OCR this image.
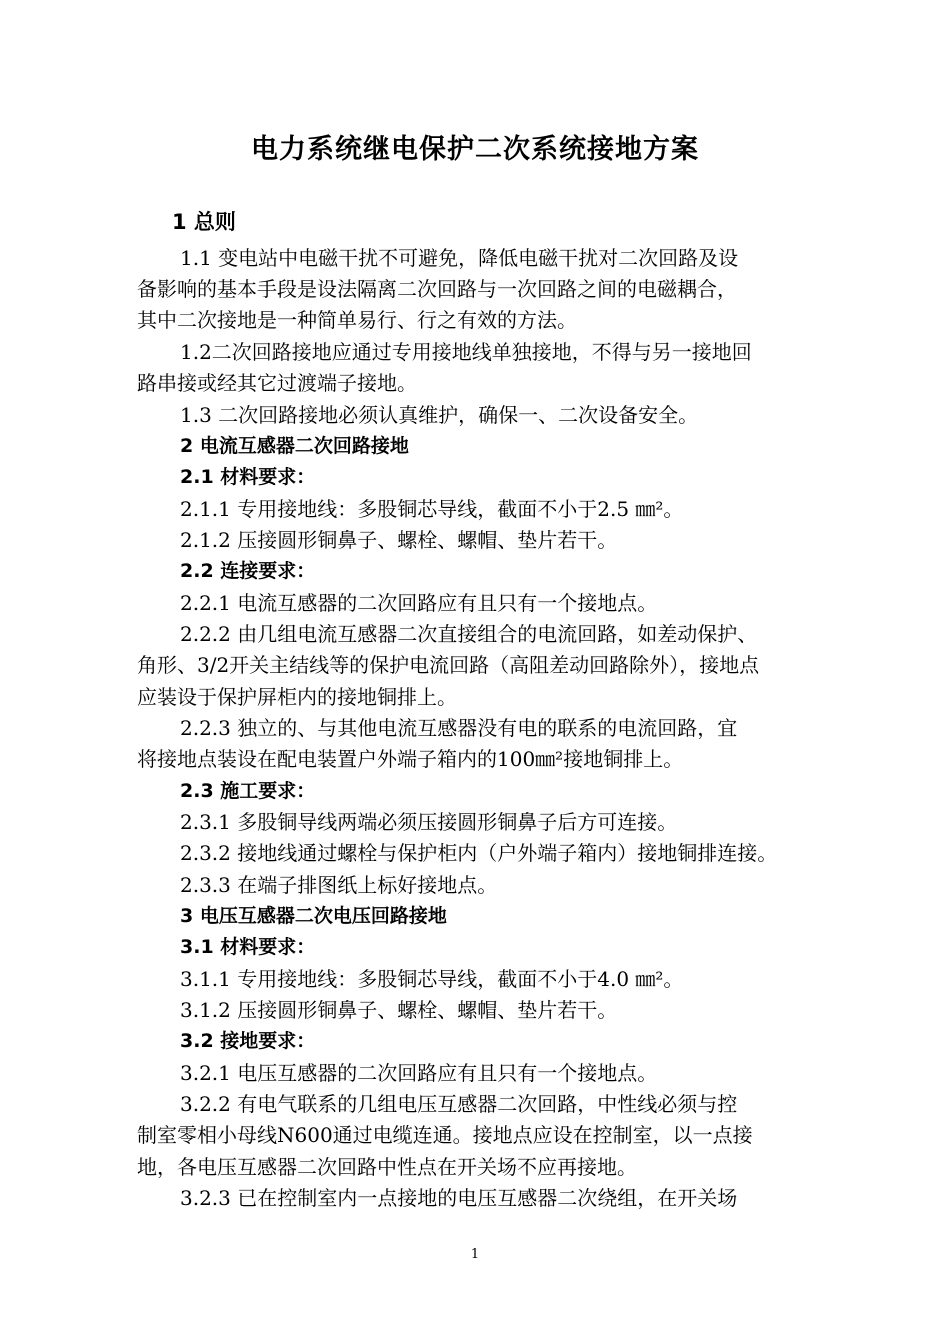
电力系统继电保护二次系统接地方案
1 总则
1.1 变电站中电磁干扰不可避免，降低电磁干扰对二次回路及设
备影响的基本手段是设法隔离二次回路与一次回路之间的电磁耦合，
其中二次接地是一种简单易行、行之有效的方法。
1.2二次回路接地应通过专用接地线单独接地，不得与另一接地回
路串接或经其它过渡端子接地。
1.3 二次回路接地必须认真维护，确保一、二次设备安全。
2 电流互感器二次回路接地
2.1 材料要求：
2.1.1 专用接地线：多股铜芯导线，截面不小于2.5 ㎜²。
2.1.2 压接圆形铜鼻子、螺栓、螺帽、垫片若干。
2.2 连接要求：
2.2.1 电流互感器的二次回路应有且只有一个接地点。
2.2.2 由几组电流互感器二次直接组合的电流回路，如差动保护、
角形、3/2开关主结线等的保护电流回路（高阻差动回路除外），接地点
应装设于保护屏柜内的接地铜排上。
2.2.3 独立的、与其他电流互感器没有电的联系的电流回路，宜
将接地点装设在配电装置户外端子箱内的100㎜²接地铜排上。
2.3 施工要求：
2.3.1 多股铜导线两端必须压接圆形铜鼻子后方可连接。
2.3.2 接地线通过螺栓与保护柜内（户外端子箱内）接地铜排连接。
2.3.3 在端子排图纸上标好接地点。
3 电压互感器二次电压回路接地
3.1 材料要求：
3.1.1 专用接地线：多股铜芯导线，截面不小于4.0 ㎜²。
3.1.2 压接圆形铜鼻子、螺栓、螺帽、垫片若干。
3.2 接地要求：
3.2.1 电压互感器的二次回路应有且只有一个接地点。
3.2.2 有电气联系的几组电压互感器二次回路，中性线必须与控
制室零相小母线N600通过电缆连通。接地点应设在控制室，以一点接
地，各电压互感器二次回路中性点在开关场不应再接地。
3.2.3 已在控制室内一点接地的电压互感器二次绕组，在开关场
1
